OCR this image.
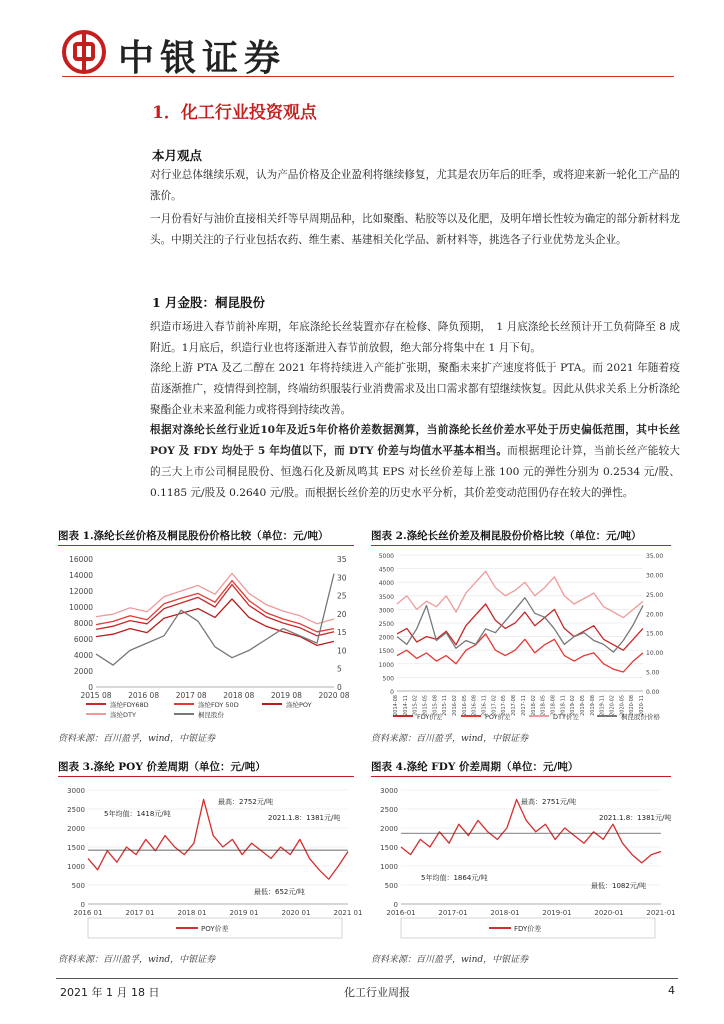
中银证券
1．化工行业投资观点
本月观点
对行业总体继续乐观，认为产品价格及企业盈利将继续修复，尤其是农历年后的旺季，或将迎来新一轮化工产品的涨价。
一月份看好与油价直接相关纤等早周期品种，比如聚酯、粘胶等以及化肥，及明年增长性较为确定的部分新材料龙头。中期关注的子行业包括农药、维生素、基建相关化学品、新材料等，挑选各子行业优势龙头企业。
1 月金股：桐昆股份
织造市场进入春节前补库期，年底涤纶长丝装置亦存在检修、降负预期，　1 月底涤纶长丝预计开工负荷降至 8 成附近。1月底后，织造行业也将逐渐进入春节前放假，绝大部分将集中在 1 月下旬。
涤纶上游 PTA 及乙二醇在 2021 年将持续进入产能扩张期，聚酯未来扩产速度将低于 PTA。而 2021 年随着疫苗逐渐推广，疫情得到控制，终端纺织服装行业消费需求及出口需求都有望继续恢复。因此从供求关系上分析涤纶聚酯企业未来盈利能力或将得到持续改善。
根据对涤纶长丝行业近10年及近5年价格价差数据测算，当前涤纶长丝价差水平处于历史偏低范围，其中长丝 POY 及 FDY 均处于 5 年均值以下，而 DTY 价差与均值水平基本相当。而根据理论计算，当前长丝产能较大的三大上市公司桐昆股份、恒逸石化及新凤鸣其 EPS 对长丝价差每上涨 100 元的弹性分别为 0.2534 元/股、0.1185 元/股及 0.2640 元/股。而根据长丝价差的历史水平分析，其价差变动范围仍存在较大的弹性。
图表 1.涤纶长丝价格及桐昆股份价格比较（单位：元/吨）	图表 2.涤纶长丝价差及桐昆股份价格比较（单位：元/吨）
0
2000
4000
6000
8000
10000
12000
14000
16000
0
5
10
15
20
25
30
35
2015 08 2016 08 2017 08 2018 08 2019 08 2020 08
涤纶FDY68D	涤纶FDY 50D	涤纶POY
涤纶DTY	桐昆股份
0
500
1000
1500
2000
2500
3000
3500
4000
4500
5000
0.00
5.00
10.00
15.00
20.00
25.00
30.00
35.00
2014-08 2014-11 2015-02 2015-05 2015-08 2015-11 2016-02 2016-05 2016-08 2016-11 2017-02 2017-05 2017-08 2017-11 2018-02 2018-05 2018-08 2018-11 2019-02 2019-05 2019-08 2019-11 2020-02 2020-05 2020-08 2020-11
FDY价差	POY价差	DTY价差	桐昆股份价格
资料来源：百川盈孚，wind，中银证券	资料来源：百川盈孚，wind，中银证券
图表 3.涤纶 POY 价差周期（单位：元/吨）	图表 4.涤纶 FDY 价差周期（单位：元/吨）
0
500
1000
1500
2000
2500
3000
2016 01	2017 01	2018 01	2019 01	2020 01	2021 01
最高：2752元/吨
5年均值：1418元/吨	2021.1.8：1381元/吨
最低：652元/吨
POY价差
0
500
1000
1500
2000
2500
3000
2016-01	2017-01	2018-01	2019-01	2020-01	2021-01
最高：2751元/吨
2021.1.8：1381元/吨
5年均值：1864元/吨
最低：1082元/吨
FDY价差
资料来源：百川盈孚，wind，中银证券	资料来源：百川盈孚，wind，中银证券
2021 年 1 月 18 日	化工行业周报	4
